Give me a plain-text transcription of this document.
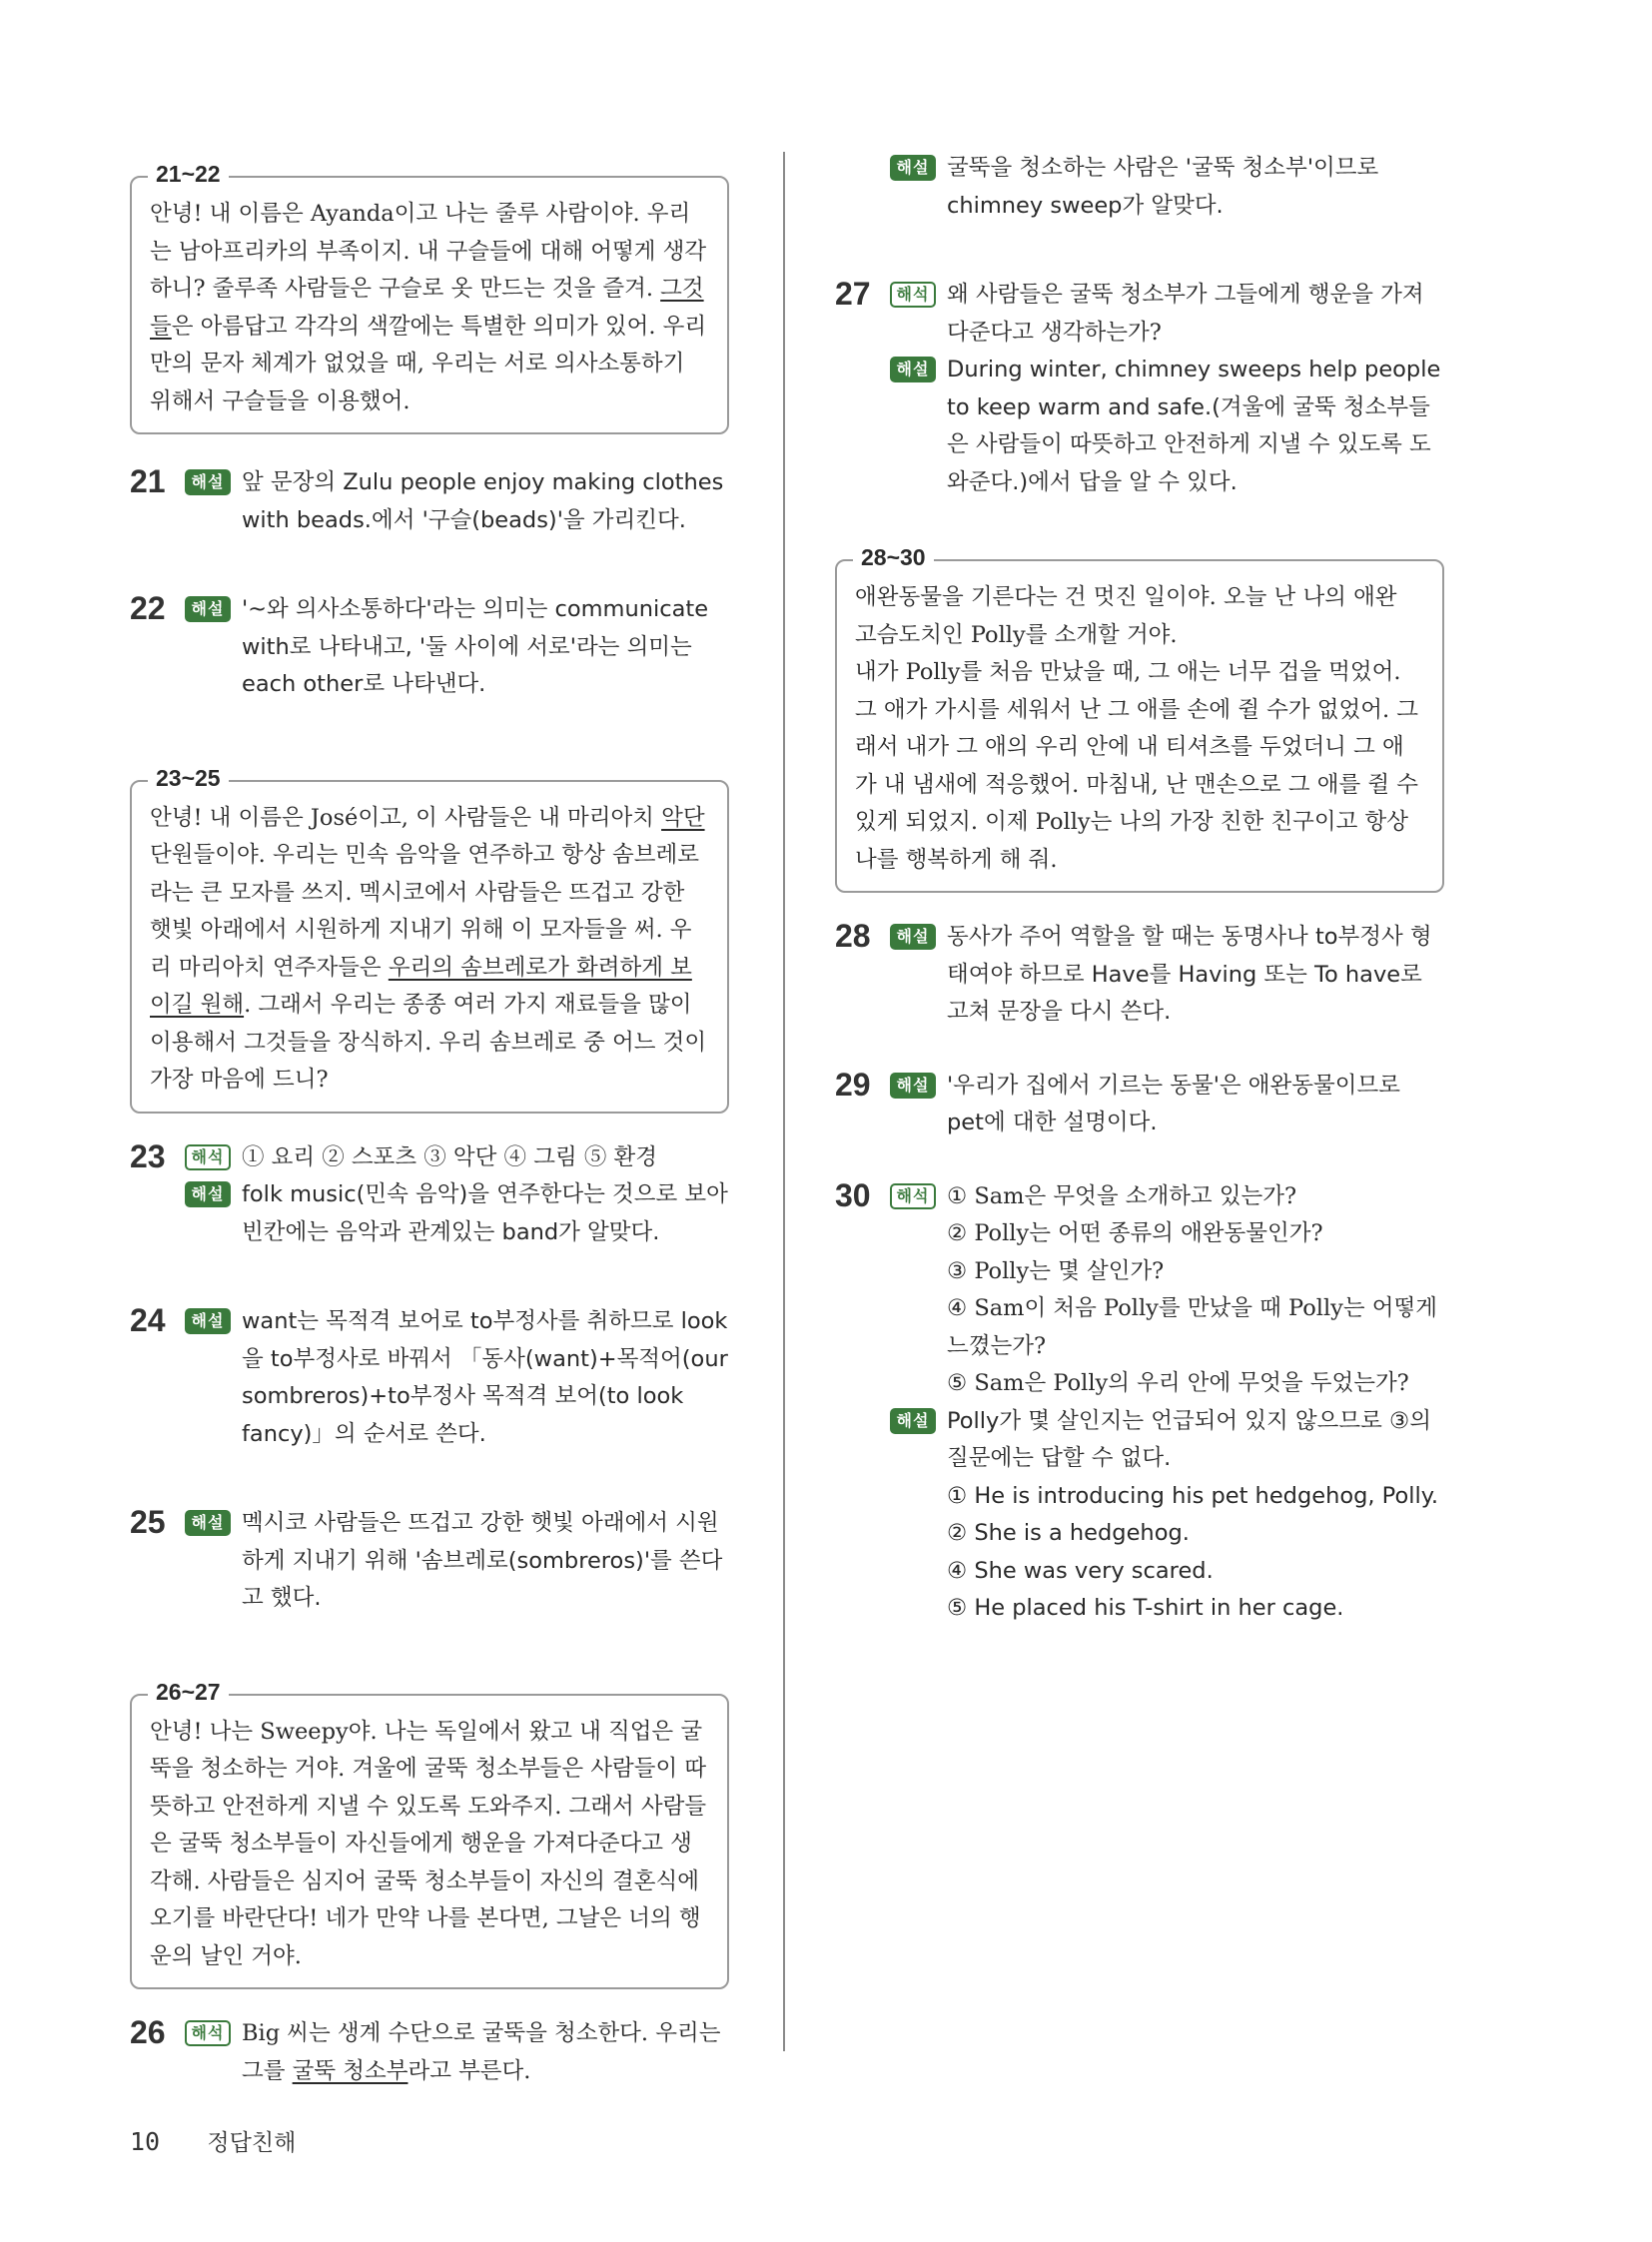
21~22

안녕! 내 이름은 Ayanda이고 나는 줄루 사람이야. 우리는 남아프리카의 부족이지. 내 구슬들에 대해 어떻게 생각하니? 줄루족 사람들은 구슬로 옷 만드는 것을 즐겨. 그것들은 아름답고 각각의 색깔에는 특별한 의미가 있어. 우리만의 문자 체계가 없었을 때, 우리는 서로 의사소통하기 위해서 구슬들을 이용했어.

21	해설 앞 문장의 Zulu people enjoy making clothes with beads.에서 '구슬(beads)'을 가리킨다.
22	해설 '~와 의사소통하다'라는 의미는 communicate with로 나타내고, '둘 사이에 서로'라는 의미는 each other로 나타낸다.
23~25

안녕! 내 이름은 José이고, 이 사람들은 내 마리아치 악단 단원들이야. 우리는 민속 음악을 연주하고 항상 솜브레로라는 큰 모자를 쓰지. 멕시코에서 사람들은 뜨겁고 강한 햇빛 아래에서 시원하게 지내기 위해 이 모자들을 써. 우리 마리아치 연주자들은 우리의 솜브레로가 화려하게 보이길 원해. 그래서 우리는 종종 여러 가지 재료들을 많이 이용해서 그것들을 장식하지. 우리 솜브레로 중 어느 것이 가장 마음에 드니?

23	해석 ① 요리 ② 스포츠 ③ 악단 ④ 그림 ⑤ 환경
해설 folk music(민속 음악)을 연주한다는 것으로 보아 빈칸에는 음악과 관계있는 band가 알맞다.
24	해설 want는 목적격 보어로 to부정사를 취하므로 look을 to부정사로 바꿔서 「동사(want)+목적어(our sombreros)+to부정사 목적격 보어(to look fancy)」의 순서로 쓴다.
25	해설 멕시코 사람들은 뜨겁고 강한 햇빛 아래에서 시원하게 지내기 위해 '솜브레로(sombreros)'를 쓴다고 했다.
26~27

안녕! 나는 Sweepy야. 나는 독일에서 왔고 내 직업은 굴뚝을 청소하는 거야. 겨울에 굴뚝 청소부들은 사람들이 따뜻하고 안전하게 지낼 수 있도록 도와주지. 그래서 사람들은 굴뚝 청소부들이 자신들에게 행운을 가져다준다고 생각해. 사람들은 심지어 굴뚝 청소부들이 자신의 결혼식에 오기를 바란단다! 네가 만약 나를 본다면, 그날은 너의 행운의 날인 거야.

26	해석 Big 씨는 생계 수단으로 굴뚝을 청소한다. 우리는 그를 굴뚝 청소부라고 부른다.
해설 굴뚝을 청소하는 사람은 '굴뚝 청소부'이므로 chimney sweep가 알맞다.
27	해석 왜 사람들은 굴뚝 청소부가 그들에게 행운을 가져다준다고 생각하는가?
해설 During winter, chimney sweeps help people to keep warm and safe.(겨울에 굴뚝 청소부들은 사람들이 따뜻하고 안전하게 지낼 수 있도록 도와준다.)에서 답을 알 수 있다.
28~30

애완동물을 기른다는 건 멋진 일이야. 오늘 난 나의 애완 고슴도치인 Polly를 소개할 거야.

내가 Polly를 처음 만났을 때, 그 애는 너무 겁을 먹었어. 그 애가 가시를 세워서 난 그 애를 손에 쥘 수가 없었어. 그래서 내가 그 애의 우리 안에 내 티셔츠를 두었더니 그 애가 내 냄새에 적응했어. 마침내, 난 맨손으로 그 애를 쥘 수 있게 되었지. 이제 Polly는 나의 가장 친한 친구이고 항상 나를 행복하게 해 줘.

28	해설 동사가 주어 역할을 할 때는 동명사나 to부정사 형태여야 하므로 Have를 Having 또는 To have로 고쳐 문장을 다시 쓴다.
29	해설 '우리가 집에서 기르는 동물'은 애완동물이므로 pet에 대한 설명이다.
30	해석 ① Sam은 무엇을 소개하고 있는가?
② Polly는 어떤 종류의 애완동물인가?
③ Polly는 몇 살인가?
④ Sam이 처음 Polly를 만났을 때 Polly는 어떻게 느꼈는가?
⑤ Sam은 Polly의 우리 안에 무엇을 두었는가?
해설 Polly가 몇 살인지는 언급되어 있지 않으므로 ③의 질문에는 답할 수 없다.
① He is introducing his pet hedgehog, Polly.
② She is a hedgehog.
④ She was very scared.
⑤ He placed his T-shirt in her cage.
10 정답친해
